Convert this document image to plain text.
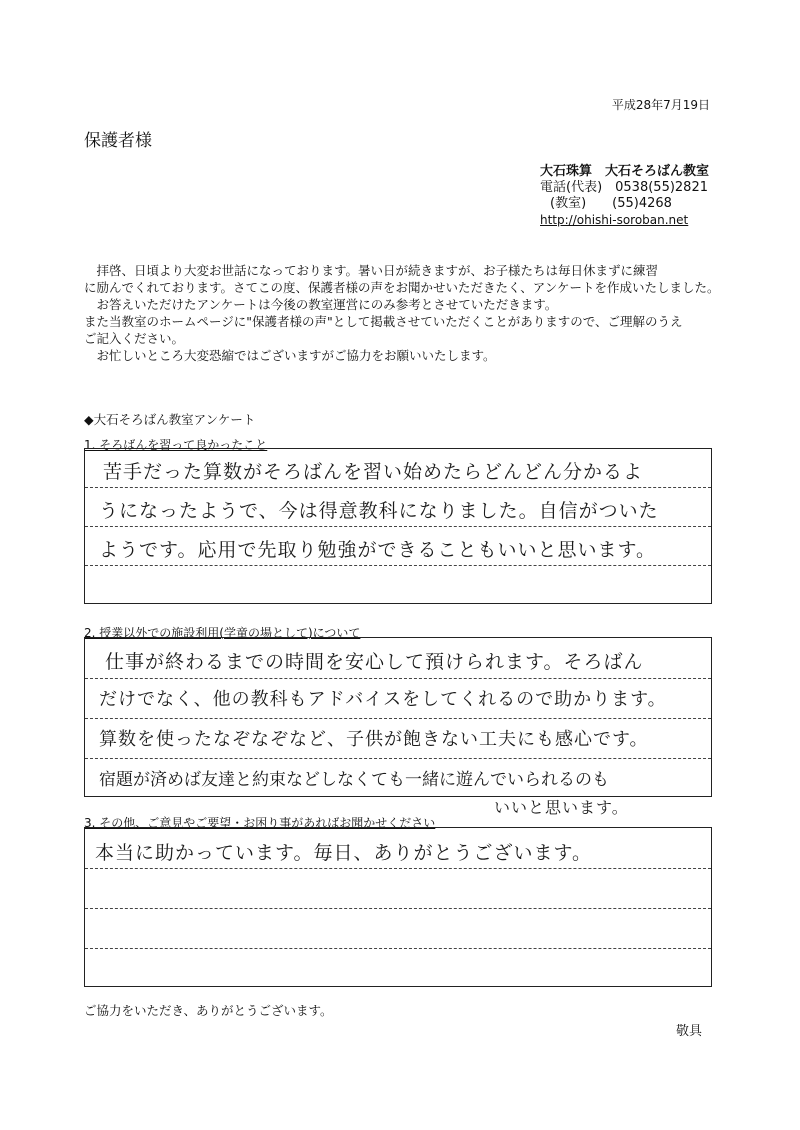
平成28年7月19日
保護者様
大石珠算　大石そろばん教室
電話(代表)　0538(55)2821
(教室)　　(55)4268
http://ohishi-soroban.net

　拝啓、日頃より大変お世話になっております。暑い日が続きますが、お子様たちは毎日休まずに練習

に励んでくれております。さてこの度、保護者様の声をお聞かせいただきたく、アンケートを作成いたしました。

　お答えいただけたアンケートは今後の教室運営にのみ参考とさせていただきます。

また当教室のホームページに"保護者様の声"として掲載させていただくことがありますので、ご理解のうえ

ご記入ください。

　お忙しいところ大変恐縮ではございますがご協力をお願いいたします。

◆大石そろばん教室アンケート
1. そろばんを習って良かったこと
苦手だった算数がそろばんを習い始めたらどんどん分かるよ
うになったようで、今は得意教科になりました。自信がついた
ようです。応用で先取り勉強ができることもいいと思います。
2. 授業以外での施設利用(学童の場として)について
仕事が終わるまでの時間を安心して預けられます。そろばん
だけでなく、他の教科もアドバイスをしてくれるので助かります。
算数を使ったなぞなぞなど、子供が飽きない工夫にも感心です。
宿題が済めば友達と約束などしなくても一緒に遊んでいられるのも
いいと思います。
3. その他、ご意見やご要望・お困り事があればお聞かせください
本当に助かっています。毎日、ありがとうございます。
ご協力をいただき、ありがとうございます。
敬具
